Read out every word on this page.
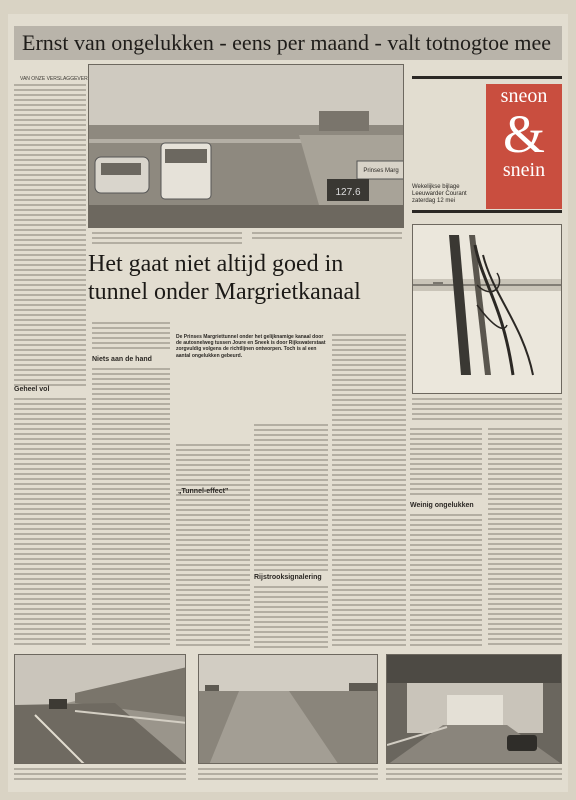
Ernst van ongelukken - eens per maand - valt totnogtoe mee
VAN ONZE VERSLAGGEVER
Geheel vol
127.6
Prinses Marg
Het gaat niet altijd goed in
tunnel onder Margrietkanaal
Niets aan de hand
De Prinses Margriettunnel onder het gelijknamige kanaal door de autosnelweg tussen Joure en Sneek is door Rijkswaterstaat zorgvuldig volgens de richtlijnen ontworpen. Toch is al een aantal ongelukken gebeurd.
„Tunnel-effect”
Rijstrooksignalering
sneon
&
snein
Wekelijkse bijlage Leeuwarder Courant zaterdag 12 mei
Weinig ongelukken
